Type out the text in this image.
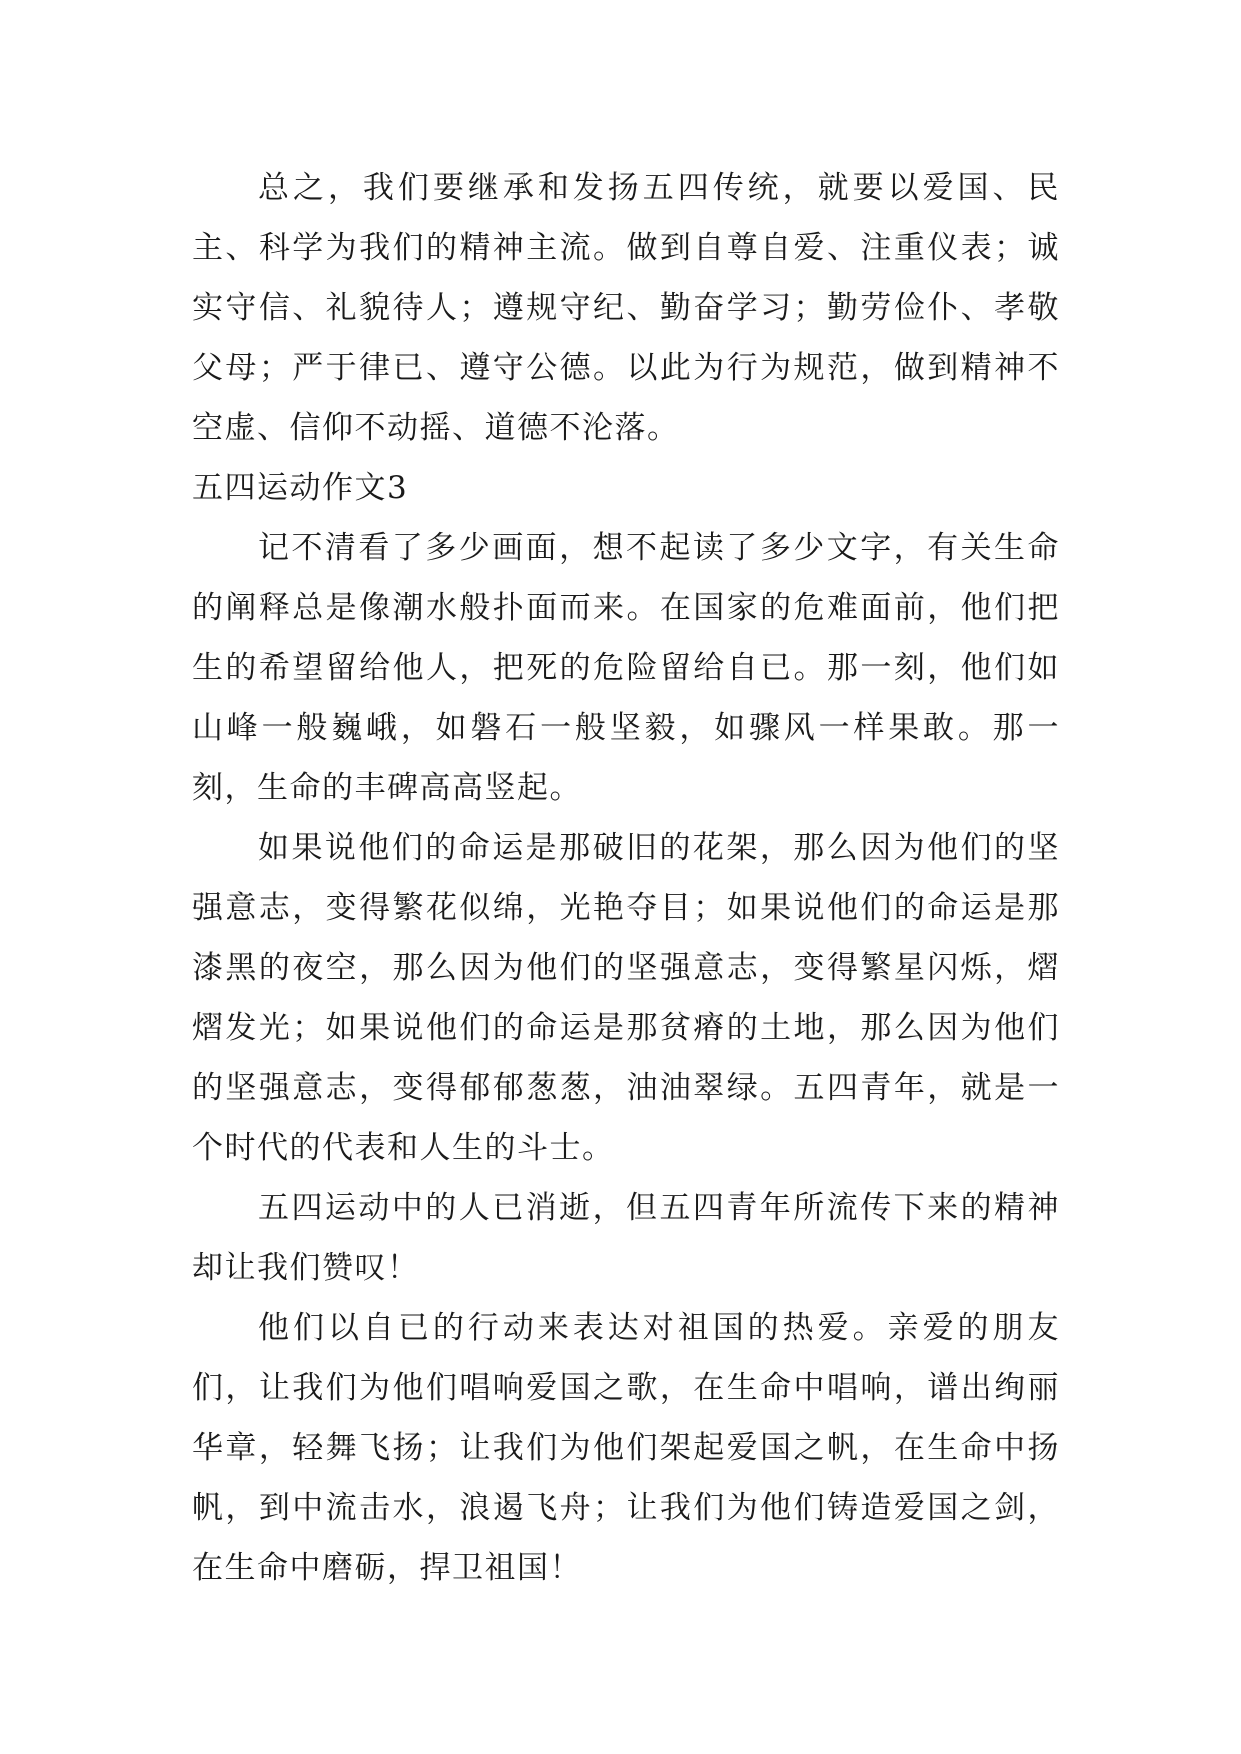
总之，我们要继承和发扬五四传统，就要以爱国、民主、科学为我们的精神主流。做到自尊自爱、注重仪表；诚实守信、礼貌待人；遵规守纪、勤奋学习；勤劳俭仆、孝敬父母；严于律已、遵守公德。以此为行为规范，做到精神不空虚、信仰不动摇、道德不沦落。

五四运动作文3

记不清看了多少画面，想不起读了多少文字，有关生命的阐释总是像潮水般扑面而来。在国家的危难面前，他们把生的希望留给他人，把死的危险留给自已。那一刻，他们如山峰一般巍峨，如磐石一般坚毅，如骤风一样果敢。那一刻，生命的丰碑高高竖起。

如果说他们的命运是那破旧的花架，那么因为他们的坚强意志，变得繁花似绵，光艳夺目；如果说他们的命运是那漆黑的夜空，那么因为他们的坚强意志，变得繁星闪烁，熠熠发光；如果说他们的命运是那贫瘠的土地，那么因为他们的坚强意志，变得郁郁葱葱，油油翠绿。五四青年，就是一个时代的代表和人生的斗士。

五四运动中的人已消逝，但五四青年所流传下来的精神却让我们赞叹！

他们以自已的行动来表达对祖国的热爱。亲爱的朋友们，让我们为他们唱响爱国之歌，在生命中唱响，谱出绚丽华章，轻舞飞扬；让我们为他们架起爱国之帆，在生命中扬帆，到中流击水，浪遏飞舟；让我们为他们铸造爱国之剑，在生命中磨砺，捍卫祖国！
